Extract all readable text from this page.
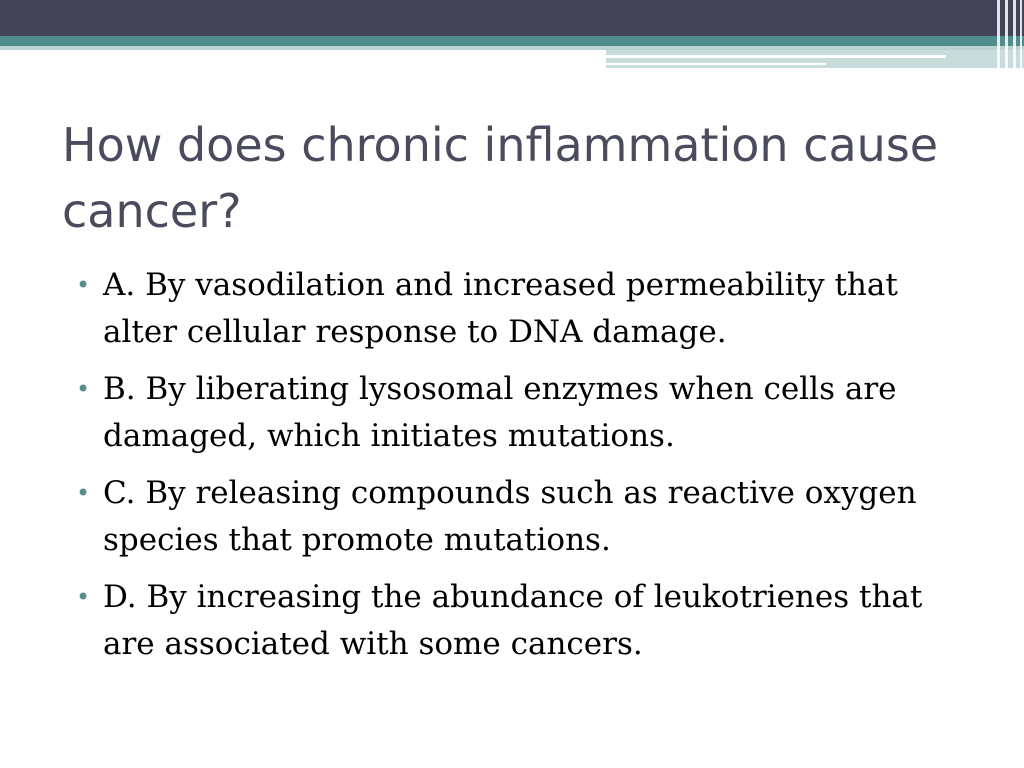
How does chronic inflammation cause cancer?
• A. By vasodilation and increased permeability that alter cellular response to DNA damage.
• B. By liberating lysosomal enzymes when cells are damaged, which initiates mutations.
• C. By releasing compounds such as reactive oxygen species that promote mutations.
• D. By increasing the abundance of leukotrienes that are associated with some cancers.
